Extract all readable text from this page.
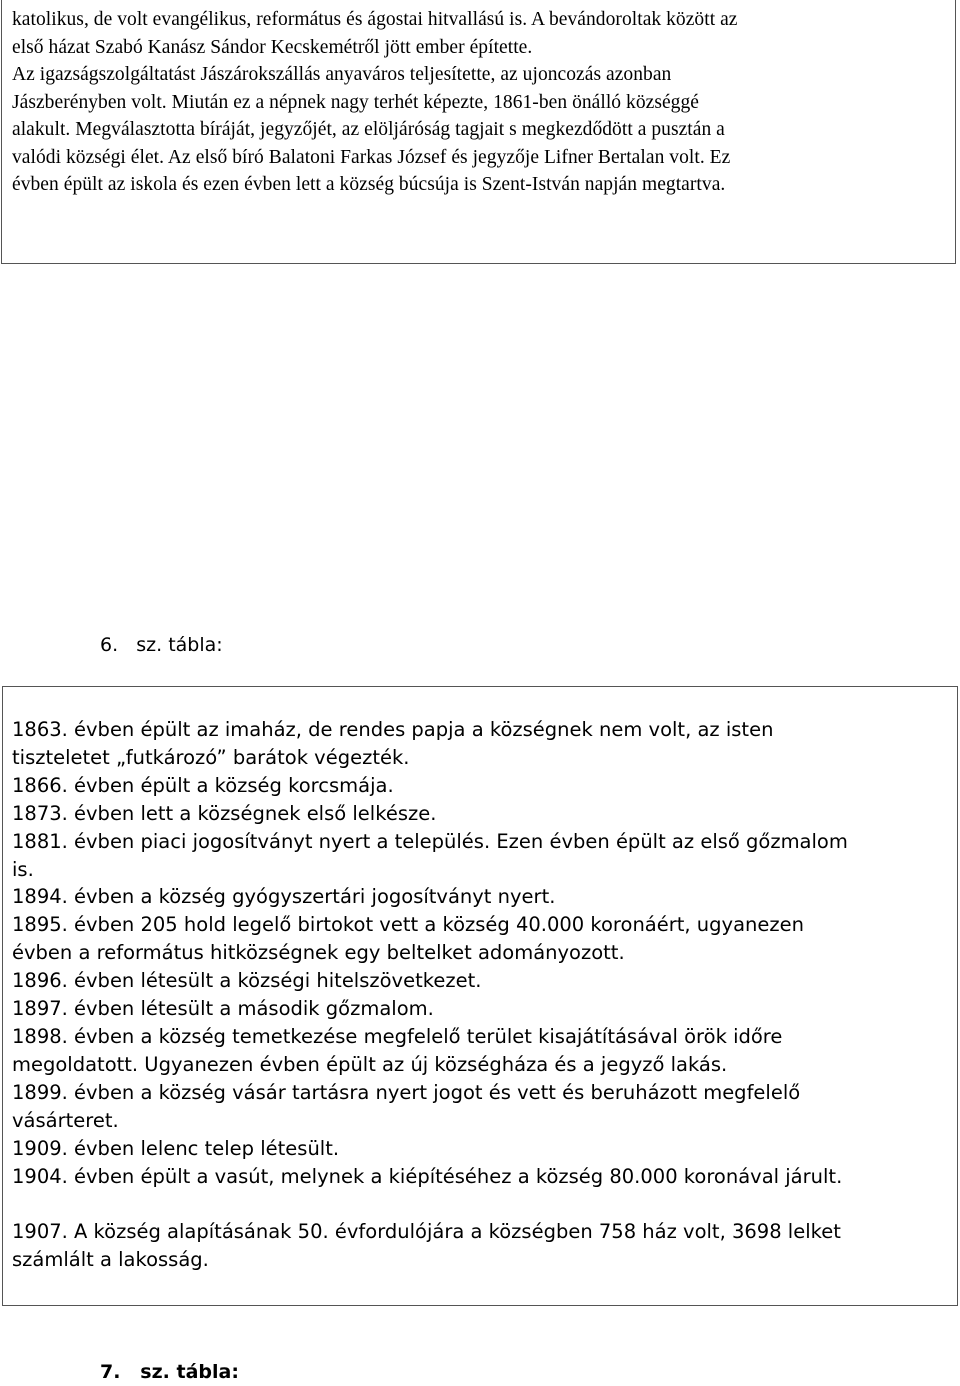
katolikus, de volt evangélikus, református és ágostai hitvallású is. A bevándoroltak között az
első házat Szabó Kanász Sándor Kecskemétről jött ember építette.
Az igazságszolgáltatást Jászárokszállás anyaváros teljesítette, az ujoncozás azonban
Jászberényben volt. Miután ez a népnek nagy terhét képezte, 1861-ben önálló községgé
alakult. Megválasztotta bíráját, jegyzőjét, az elöljáróság tagjait s megkezdődött a pusztán a
valódi községi élet. Az első bíró Balatoni Farkas József és jegyzője Lifner Bertalan volt. Ez
évben épült az iskola és ezen évben lett a község búcsúja is Szent-István napján megtartva.

6.   sz. tábla:

1863. évben épült az imaház, de rendes papja a községnek nem volt, az isten
tiszteletet „futkározó” barátok végezték.
1866. évben épült a község korcsmája.
1873. évben lett a községnek első lelkésze.
1881. évben piaci jogosítványt nyert a település. Ezen évben épült az első gőzmalom
is.
1894. évben a község gyógyszertári jogosítványt nyert.
1895. évben 205 hold legelő birtokot vett a község 40.000 koronáért, ugyanezen
évben a református hitközségnek egy beltelket adományozott.
1896. évben létesült a községi hitelszövetkezet.
1897. évben létesült a második gőzmalom.
1898. évben a község temetkezése megfelelő terület kisajátításával örök időre
megoldatott. Ugyanezen évben épült az új községháza és a jegyző lakás.
1899. évben a község vásár tartásra nyert jogot és vett és beruházott megfelelő
vásárteret.
1909. évben lelenc telep létesült.
1904. évben épült a vasút, melynek a kiépítéséhez a község 80.000 koronával járult.
1907. A község alapításának 50. évfordulójára a községben 758 ház volt, 3698 lelket
számlált a lakosság.

7.   sz. tábla:
